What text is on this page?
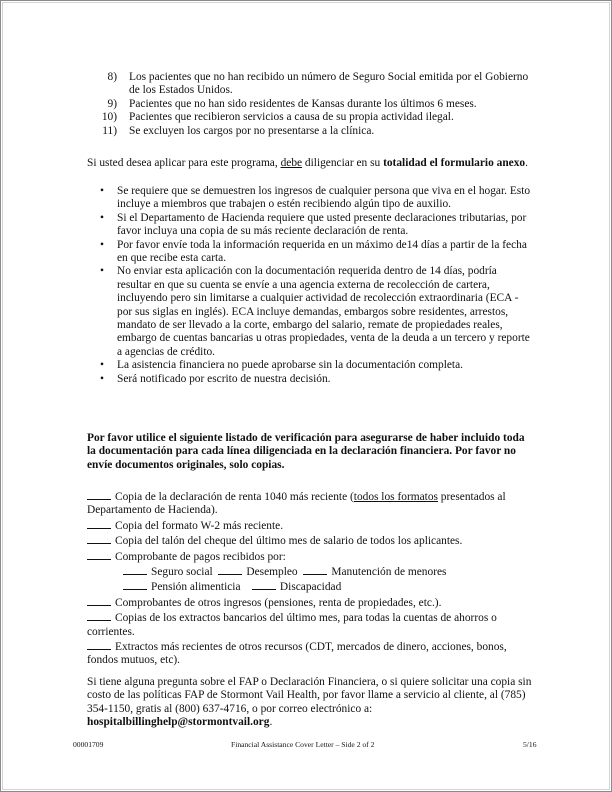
8) Los pacientes que no han recibido un número de Seguro Social emitida por el Gobierno de los Estados Unidos.
9) Pacientes que no han sido residentes de Kansas durante los últimos 6 meses.
10) Pacientes que recibieron servicios a causa de su propia actividad ilegal.
11) Se excluyen los cargos por no presentarse a la clínica.
Si usted desea aplicar para este programa, debe diligenciar en su totalidad el formulario anexo.
• Se requiere que se demuestren los ingresos de cualquier persona que viva en el hogar. Esto incluye a miembros que trabajen o estén recibiendo algún tipo de auxilio.
• Si el Departamento de Hacienda requiere que usted presente declaraciones tributarias, por favor incluya una copia de su más reciente declaración de renta.
• Por favor envíe toda la información requerida en un máximo de14 días a partir de la fecha en que recibe esta carta.
• No enviar esta aplicación con la documentación requerida dentro de 14 días, podría resultar en que su cuenta se envíe a una agencia externa de recolección de cartera, incluyendo pero sin limitarse a cualquier actividad de recolección extraordinaria (ECA - por sus siglas en inglés). ECA incluye demandas, embargos sobre residentes, arrestos, mandato de ser llevado a la corte, embargo del salario, remate de propiedades reales, embargo de cuentas bancarias u otras propiedades, venta de la deuda a un tercero y reporte a agencias de crédito.
• La asistencia financiera no puede aprobarse sin la documentación completa.
• Será notificado por escrito de nuestra decisión.
Por favor utilice el siguiente listado de verificación para asegurarse de haber incluido toda la documentación para cada línea diligenciada en la declaración financiera. Por favor no envíe documentos originales, solo copias.
Copia de la declaración de renta 1040 más reciente (todos los formatos presentados al Departamento de Hacienda).
Copia del formato W-2 más reciente.
Copia del talón del cheque del último mes de salario de todos los aplicantes.
Comprobante de pagos recibidos por:
Seguro social	Desempleo	Manutención de menores
Pensión alimenticia	Discapacidad
Comprobantes de otros ingresos (pensiones, renta de propiedades, etc.).
Copias de los extractos bancarios del último mes, para todas la cuentas de ahorros o corrientes.
Extractos más recientes de otros recursos (CDT, mercados de dinero, acciones, bonos, fondos mutuos, etc).
Si tiene alguna pregunta sobre el FAP o Declaración Financiera, o si quiere solicitar una copia sin costo de las políticas FAP de Stormont Vail Health, por favor llame a servicio al cliente, al (785) 354-1150, gratis al (800) 637-4716, o por correo electrónico a: hospitalbillinghelp@stormontvail.org.
00001709	Financial Assistance Cover Letter – Side 2 of 2	5/16
